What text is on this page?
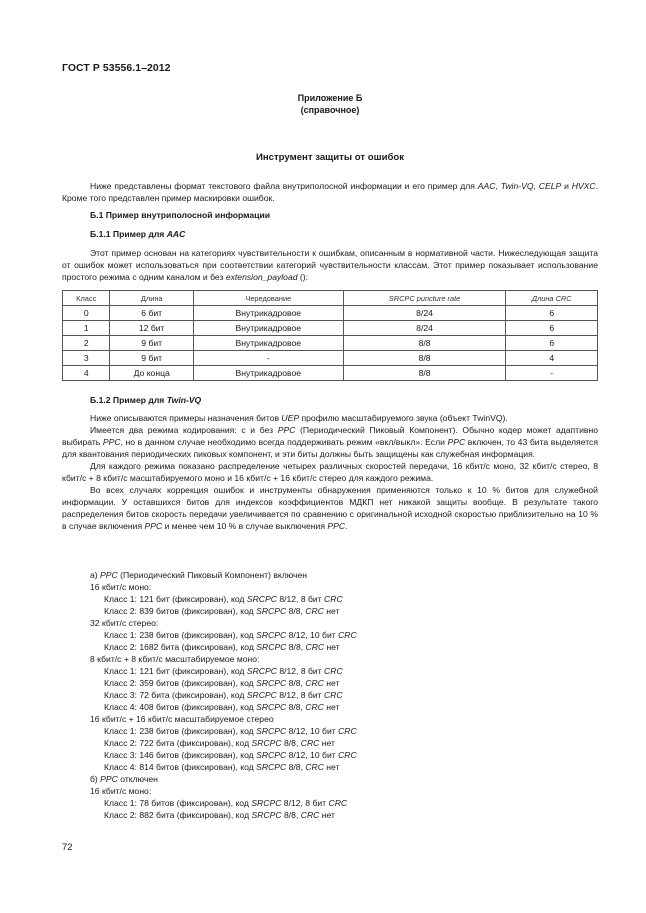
ГОСТ Р 53556.1–2012
Приложение Б
(справочное)
Инструмент защиты от ошибок

Ниже представлены формат текстового файла внутриполосной информации и его пример для AAC, Twin-VQ, CELP и HVXC. Кроме того представлен пример маскировки ошибок.

Б.1 Пример внутриполосной информации

Б.1.1 Пример для AAC

Этот пример основан на категориях чувствительности к ошибкам, описанным в нормативной части. Нижеследующая защита от ошибок может использоваться при соответствии категорий чувствительности классам. Этот пример показывает использование простого режима с одним каналом и без extension_payload ():

Класс	Длина	Чередование	SRCPC puncture rate	Длина CRC
0	6 бит	Внутрикадровое	8/24	6
1	12 бит	Внутрикадровое	8/24	6
2	9 бит	Внутрикадровое	8/8	6
3	9 бит	-	8/8	4
4	До конца	Внутрикадровое	8/8	-

Б.1.2 Пример для Twin-VQ

Ниже описываются примеры назначения битов UEP профилю масштабируемого звука (объект TwinVQ).

Имеется два режима кодирования: с и без PPC (Периодический Пиковый Компонент). Обычно кодер может адаптивно выбирать PPC, но в данном случае необходимо всегда поддерживать режим «вкл/выкл». Если PPC включен, то 43 бита выделяется для квантования периодических пиковых компонент, и эти биты должны быть защищены как служебная информация.

Для каждого режима показано распределение четырех различных скоростей передачи, 16 кбит/с моно, 32 кбит/с стерео, 8 кбит/с + 8 кбит/с масштабируемого моно и 16 кбит/с + 16 кбит/с стерео для каждого режима.

Во всех случаях коррекция ошибок и инструменты обнаружения применяются только к 10 % битов для служебной информации. У оставшихся битов для индексов коэффициентов МДКП нет никакой защиты вообще. В результате такого распределения битов скорость передачи увеличивается по сравнению с оригинальной исходной скоростью приблизительно на 10 % в случае включения PPC и менее чем 10 % в случае выключения PPC.

а) PPC (Периодический Пиковый Компонент) включен

16 кбит/с моно:

Класс 1: 121 бит (фиксирован), код SRCPC 8/12, 8 бит CRC

Класс 2: 839 битов (фиксирован), код SRCPC 8/8, CRC нет

32 кбит/с стерео:

Класс 1: 238 битов (фиксирован), код SRCPC 8/12, 10 бит CRC

Класс 2: 1682 бита (фиксирован), код SRCPC 8/8, CRC нет

8 кбит/с + 8 кбит/с масштабируемое моно:

Класс 1: 121 бит (фиксирован), код SRCPC 8/12, 8 бит CRC

Класс 2: 359 битов (фиксирован), код SRCPC 8/8, CRC нет

Класс 3: 72 бита (фиксирован), код SRCPC 8/12, 8 бит CRC

Класс 4: 408 битов (фиксирован), код SRCPC 8/8, CRC нет

16 кбит/с + 16 кбит/с масштабируемое стерео

Класс 1: 238 битов (фиксирован), код SRCPC 8/12, 10 бит CRC

Класс 2: 722 бита (фиксирован), код SRCPC 8/8, CRC нет

Класс 3: 146 битов (фиксирован), код SRCPC 8/12, 10 бит CRC

Класс 4: 814 битов (фиксирован), код SRCPC 8/8, CRC нет

б) PPC отключен

16 кбит/с моно:

Класс 1: 78 битов (фиксирован), код SRCPC 8/12, 8 бит CRC

Класс 2: 882 бита (фиксирован), код SRCPC 8/8, CRC нет

72
